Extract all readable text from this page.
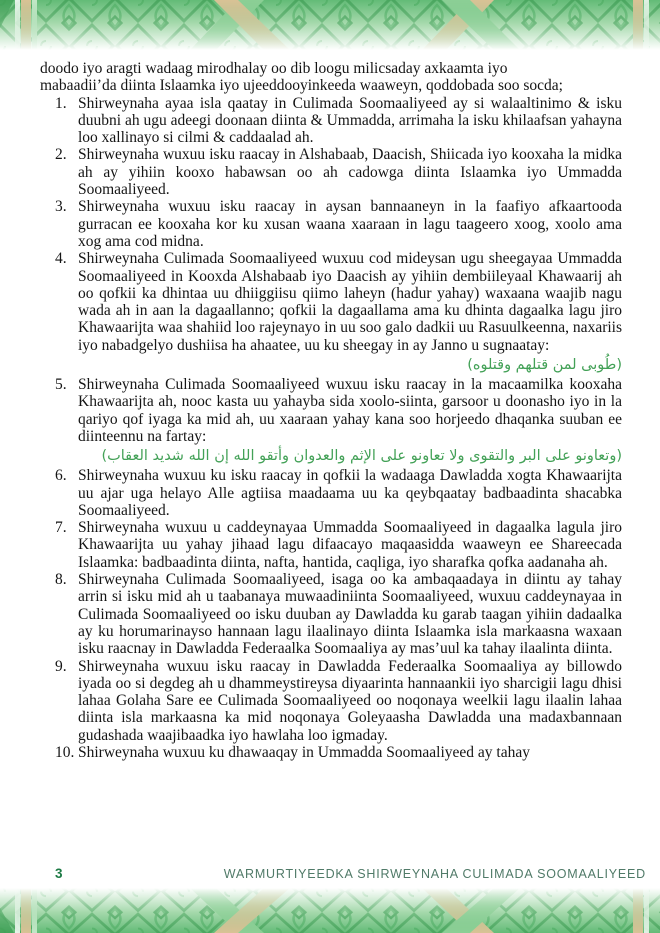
doodo iyo aragti wadaag mirodhalay oo dib loogu milicsaday axkaamta iyo
mabaadii’da diinta Islaamka iyo ujeeddooyinkeeda waaweyn, qoddobada soo socda;
1. Shirweynaha ayaa isla qaatay in Culimada Soomaaliyeed ay si walaaltinimo & isku duubni ah ugu adeegi doonaan diinta & Ummadda, arrimaha la isku khilaafsan yahayna loo xallinayo si cilmi & caddaalad ah.
2. Shirweynaha wuxuu isku raacay in Alshabaab, Daacish, Shiicada iyo kooxaha la midka ah ay yihiin kooxo habawsan oo ah cadowga diinta Islaamka iyo Ummadda Soomaaliyeed.
3. Shirweynaha wuxuu isku raacay in aysan bannaaneyn in la faafiyo afkaartooda gurracan ee kooxaha kor ku xusan waana xaaraan in lagu taageero xoog, xoolo ama xog ama cod midna.
4. Shirweynaha Culimada Soomaaliyeed wuxuu cod mideysan ugu sheegayaa Ummadda Soomaaliyeed in Kooxda Alshabaab iyo Daacish ay yihiin dembiileyaal Khawaarij ah oo qofkii ka dhintaa uu dhiiggiisu qiimo laheyn (hadur yahay) waxaana waajib nagu wada ah in aan la dagaallanno; qofkii la dagaallama ama ku dhinta dagaalka lagu jiro Khawaarijta waa shahiid loo rajeynayo in uu soo galo dadkii uu Rasuulkeenna, naxariis iyo nabadgelyo dushiisa ha ahaatee, uu ku sheegay in ay Janno u sugnaatay:
(طُوبى لمن قتلهم وقتلوه)
5. Shirweynaha Culimada Soomaaliyeed wuxuu isku raacay in la macaamilka kooxaha Khawaarijta ah, nooc kasta uu yahayba sida xoolo-siinta, garsoor u doonasho iyo in la qariyo qof iyaga ka mid ah, uu xaaraan yahay kana soo horjeedo dhaqanka suuban ee diinteennu na fartay:
(وتعاونو على البر والتقوى ولا تعاونو على الإثم والعدوان وأتقو الله إن الله شديد العقاب)
6. Shirweynaha wuxuu ku isku raacay in qofkii la wadaaga Dawladda xogta Khawaarijta uu ajar uga helayo Alle agtiisa maadaama uu ka qeybqaatay badbaadinta shacabka Soomaaliyeed.
7. Shirweynaha wuxuu u caddeynayaa Ummadda Soomaaliyeed in dagaalka lagula jiro Khawaarijta uu yahay jihaad lagu difaacayo maqaasidda waaweyn ee Shareecada Islaamka: badbaadinta diinta, nafta, hantida, caqliga, iyo sharafka qofka aadanaha ah.
8. Shirweynaha Culimada Soomaaliyeed, isaga oo ka ambaqaadaya in diintu ay tahay arrin si isku mid ah u taabanaya muwaadiniinta Soomaaliyeed, wuxuu caddeynayaa in Culimada Soomaaliyeed oo isku duuban ay Dawladda ku garab taagan yihiin dadaalka ay ku horumarinayso hannaan lagu ilaalinayo diinta Islaamka isla markaasna waxaan isku raacnay in Dawladda Federaalka Soomaaliya ay mas’uul ka tahay ilaalinta diinta.
9. Shirweynaha wuxuu isku raacay in Dawladda Federaalka Soomaaliya ay billowdo iyada oo si degdeg ah u dhammeystireysa diyaarinta hannaankii iyo sharcigii lagu dhisi lahaa Golaha Sare ee Culimada Soomaaliyeed oo noqonaya weelkii lagu ilaalin lahaa diinta isla markaasna ka mid noqonaya Goleyaasha Dawladda una madaxbannaan gudashada waajibaadka iyo hawlaha loo igmaday.
10. Shirweynaha wuxuu ku dhawaaqay in Ummadda Soomaaliyeed ay tahay
3	WARMURTIYEEDKA SHIRWEYNAHA CULIMADA SOOMAALIYEED
